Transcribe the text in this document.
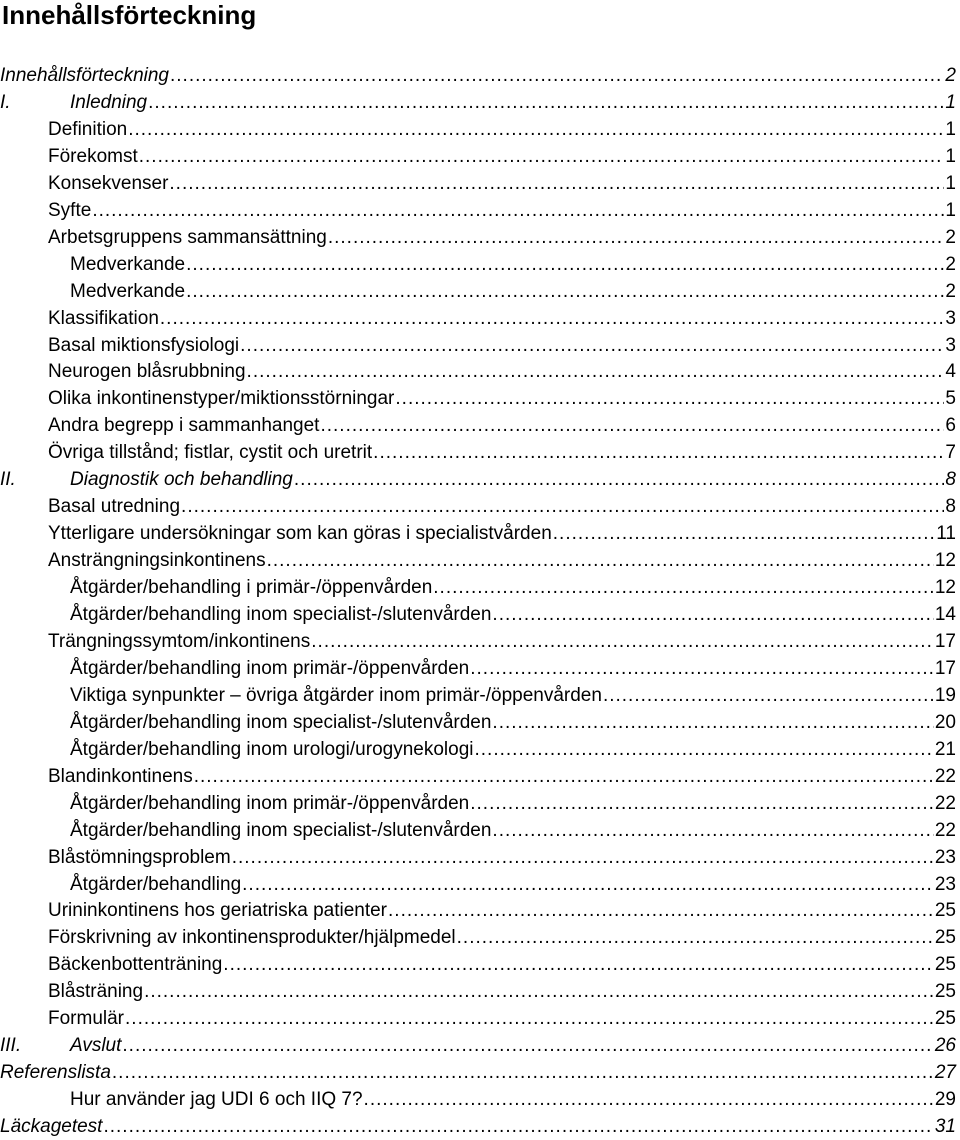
Innehållsförteckning
Innehållsförteckning .....	2
I.	Inledning .....	1
Definition .....	1
Förekomst .....	1
Konsekvenser .....	1
Syfte .....	1
Arbetsgruppens sammansättning .....	2
Medverkande .....	2
Medverkande .....	2
Klassifikation .....	3
Basal miktionsfysiologi .....	3
Neurogen blåsrubbning .....	4
Olika inkontinenstyper/miktionsstörningar .....	5
Andra begrepp i sammanhanget .....	6
Övriga tillstånd; fistlar, cystit och uretrit .....	7
II.	Diagnostik och behandling .....	8
Basal utredning .....	8
Ytterligare undersökningar som kan göras i specialistvården .....	11
Ansträngningsinkontinens .....	12
Åtgärder/behandling i primär-/öppenvården .....	12
Åtgärder/behandling inom specialist-/slutenvården .....	14
Trängningssymtom/inkontinens .....	17
Åtgärder/behandling inom primär-/öppenvården .....	17
Viktiga synpunkter – övriga åtgärder inom primär-/öppenvården .....	19
Åtgärder/behandling inom specialist-/slutenvården .....	20
Åtgärder/behandling inom urologi/urogynekologi .....	21
Blandinkontinens .....	22
Åtgärder/behandling inom primär-/öppenvården .....	22
Åtgärder/behandling inom specialist-/slutenvården .....	22
Blåstömningsproblem .....	23
Åtgärder/behandling .....	23
Urininkontinens hos geriatriska patienter .....	25
Förskrivning av inkontinensprodukter/hjälpmedel .....	25
Bäckenbottenträning .....	25
Blåsträning .....	25
Formulär .....	25
III.	Avslut .....	26
Referenslista .....	27
Hur använder jag UDI 6 och IIQ 7? .....	29
Läckagetest .....	31
